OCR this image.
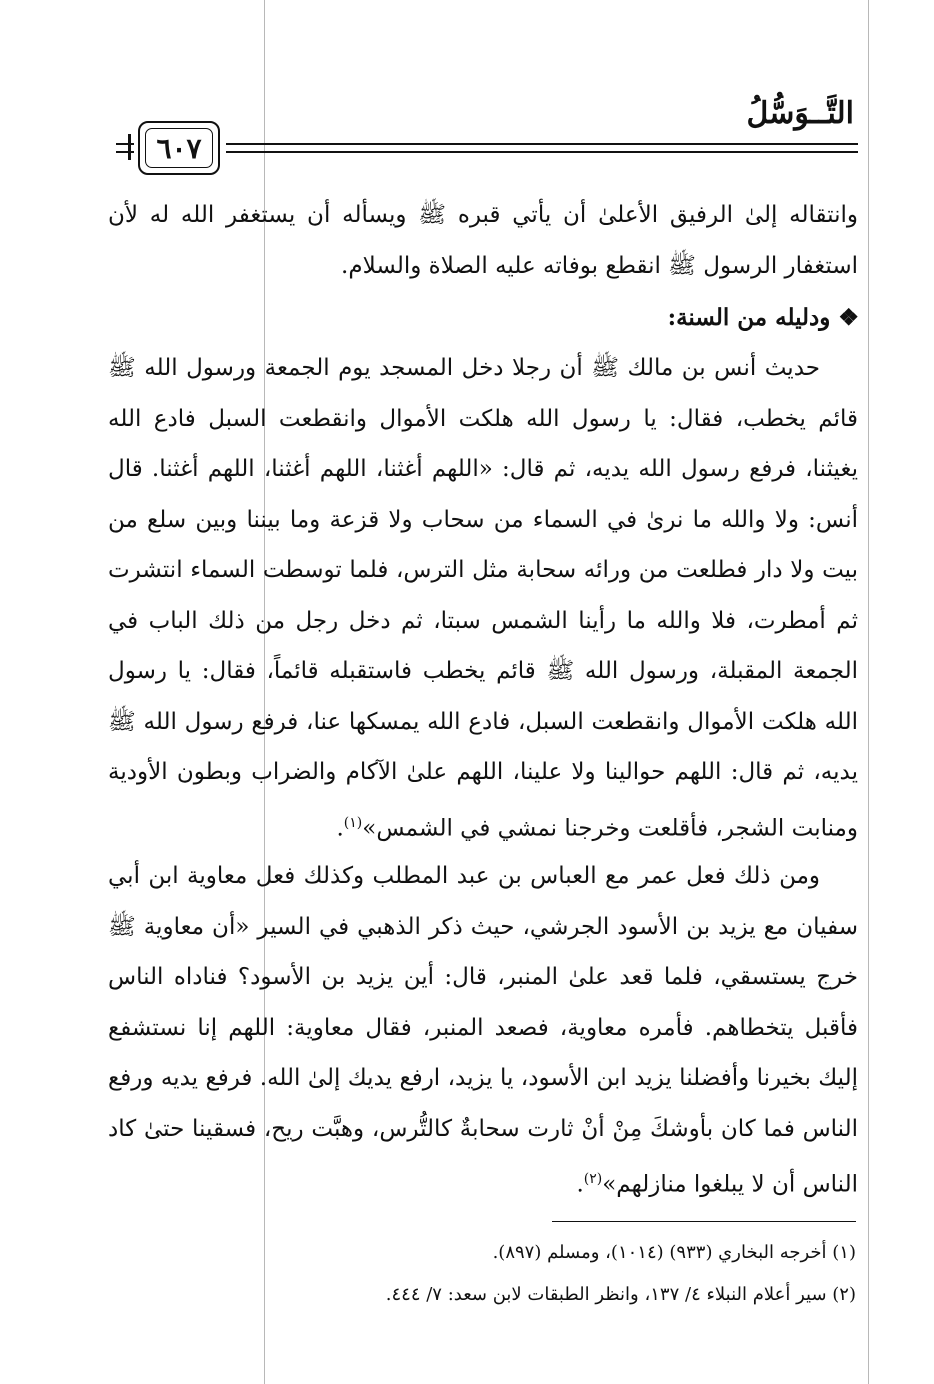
التَّــوَسُّلُ
٦٠٧

وانتقاله إلىٰ الرفيق الأعلىٰ أن يأتي قبره ﷺ ويسأله أن يستغفر الله له لأن استغفار الرسول ﷺ انقطع بوفاته عليه الصلاة والسلام.

❖ ودليله من السنة:

حديث أنس بن مالك ﷺ أن رجلا دخل المسجد يوم الجمعة ورسول الله ﷺ قائم يخطب، فقال: يا رسول الله هلكت الأموال وانقطعت السبل فادع الله يغيثنا، فرفع رسول الله يديه، ثم قال: «اللهم أغثنا، اللهم أغثنا، اللهم أغثنا. قال أنس: ولا والله ما نرىٰ في السماء من سحاب ولا قزعة وما بيننا وبين سلع من بيت ولا دار فطلعت من ورائه سحابة مثل الترس، فلما توسطت السماء انتشرت ثم أمطرت، فلا والله ما رأينا الشمس سبتا، ثم دخل رجل من ذلك الباب في الجمعة المقبلة، ورسول الله ﷺ قائم يخطب فاستقبله قائماً، فقال: يا رسول الله هلكت الأموال وانقطعت السبل، فادع الله يمسكها عنا، فرفع رسول الله ﷺ يديه، ثم قال: اللهم حوالينا ولا علينا، اللهم علىٰ الآكام والضراب وبطون الأودية ومنابت الشجر، فأقلعت وخرجنا نمشي في الشمس»$^{(١)}$.

ومن ذلك فعل عمر مع العباس بن عبد المطلب وكذلك فعل معاوية ابن أبي سفيان مع يزيد بن الأسود الجرشي، حيث ذكر الذهبي في السير «أن معاوية ﷺ خرج يستسقي، فلما قعد علىٰ المنبر، قال: أين يزيد بن الأسود؟ فناداه الناس فأقبل يتخطاهم. فأمره معاوية، فصعد المنبر، فقال معاوية: اللهم إنا نستشفع إليك بخيرنا وأفضلنا يزيد ابن الأسود، يا يزيد، ارفع يديك إلىٰ الله. فرفع يديه ورفع الناس فما كان بأوشكَ مِنْ أنْ ثارت سحابةٌ كالتُّرس، وهبَّت ريح، فسقينا حتىٰ كاد الناس أن لا يبلغوا منازلهم»$^{(٢)}$.

(١) أخرجه البخاري (٩٣٣) (١٠١٤)، ومسلم (٨٩٧).
(٢) سير أعلام النبلاء ٤/ ١٣٧، وانظر الطبقات لابن سعد: ٧/ ٤٤٤.
